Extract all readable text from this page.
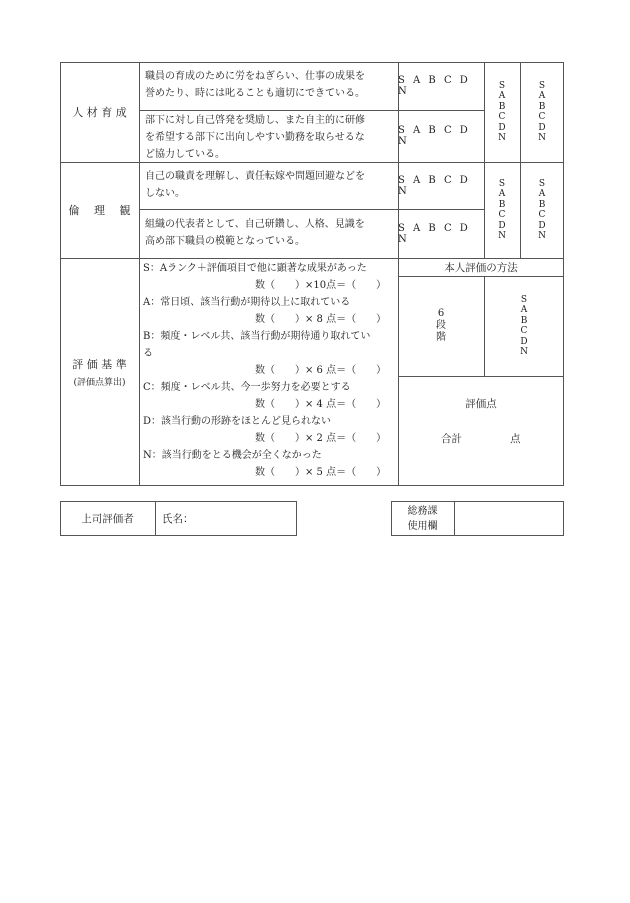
人 材 育 成
職員の育成のために労をねぎらい、仕事の成果を
誉めたり、時には叱ることも適切にできている。
S A B C D N
部下に対し自己啓発を奨励し、また自主的に研修
を希望する部下に出向しやすい勤務を取らせるな
ど協力している。
S A B C D N
S
A
B
C
D
N
S
A
B
C
D
N
倫 　理 　観
自己の職責を理解し、責任転嫁や問題回避などを
しない。
S A B C D N
組織の代表者として、自己研鑽し、人格、見識を
高め部下職員の模範となっている。
S A B C D N
S
A
B
C
D
N
S
A
B
C
D
N
評 価 基 準
(評価点算出)
S：Aランク＋評価項目で他に顕著な成果があった
数（　　）×10点＝（　　）
A：常日頃、該当行動が期待以上に取れている
数（　　）× 8 点＝（　　）
B：頻度・レベル共、該当行動が期待通り取れてい
る
数（　　）× 6 点＝（　　）
C：頻度・レベル共、今一歩努力を必要とする
数（　　）× 4 点＝（　　）
D：該当行動の形跡をほとんど見られない
数（　　）× 2 点＝（　　）
N：該当行動をとる機会が全くなかった
数（　　）× 5 点＝（　　）
本人評価の方法
6
段
階
S
A
B
C
D
N
評価点
合計	点
上司評価者	氏名：
総務課
使用欄
